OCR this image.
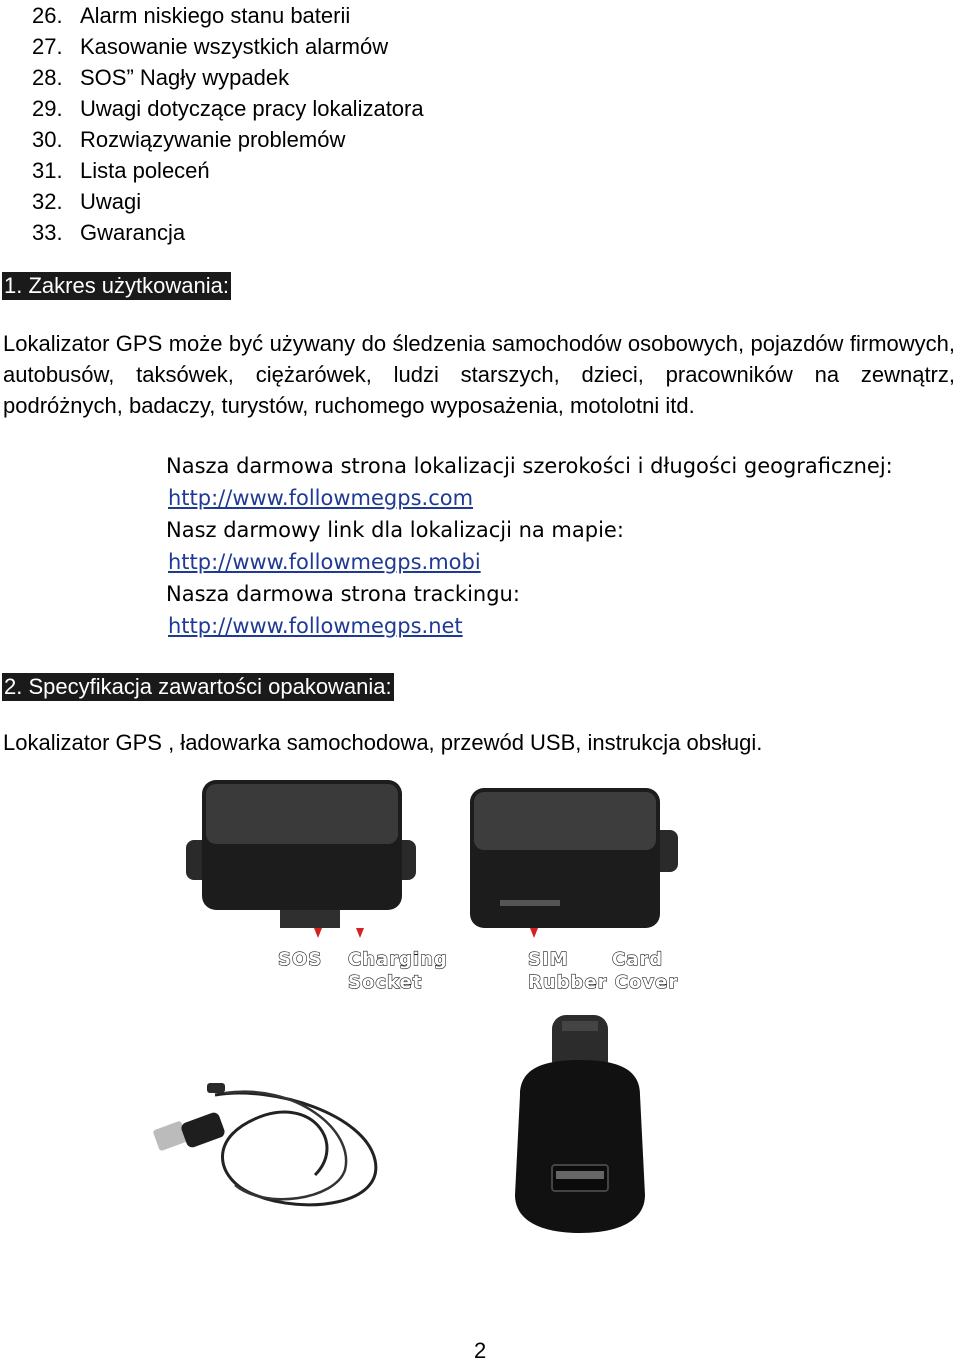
26. Alarm niskiego stanu baterii
27. Kasowanie wszystkich alarmów
28. SOS” Nagły wypadek
29. Uwagi dotyczące pracy lokalizatora
30. Rozwiązywanie problemów
31. Lista poleceń
32. Uwagi
33. Gwarancja
1. Zakres użytkowania:
Lokalizator GPS może być używany do śledzenia samochodów osobowych, pojazdów firmowych, autobusów, taksówek, ciężarówek, ludzi starszych, dzieci, pracowników na zewnątrz, podróżnych, badaczy, turystów, ruchomego wyposażenia, motolotni itd.
Nasza darmowa strona lokalizacji szerokości i długości geograficznej:
http://www.followmegps.com
Nasz darmowy link dla lokalizacji na mapie:
http://www.followmegps.mobi
Nasza darmowa strona trackingu:
http://www.followmegps.net
2. Specyfikacja zawartości opakowania:
Lokalizator GPS , ładowarka samochodowa, przewód USB, instrukcja obsługi.
SOS Charging
Socket
SIM Card
Rubber Cover
2
